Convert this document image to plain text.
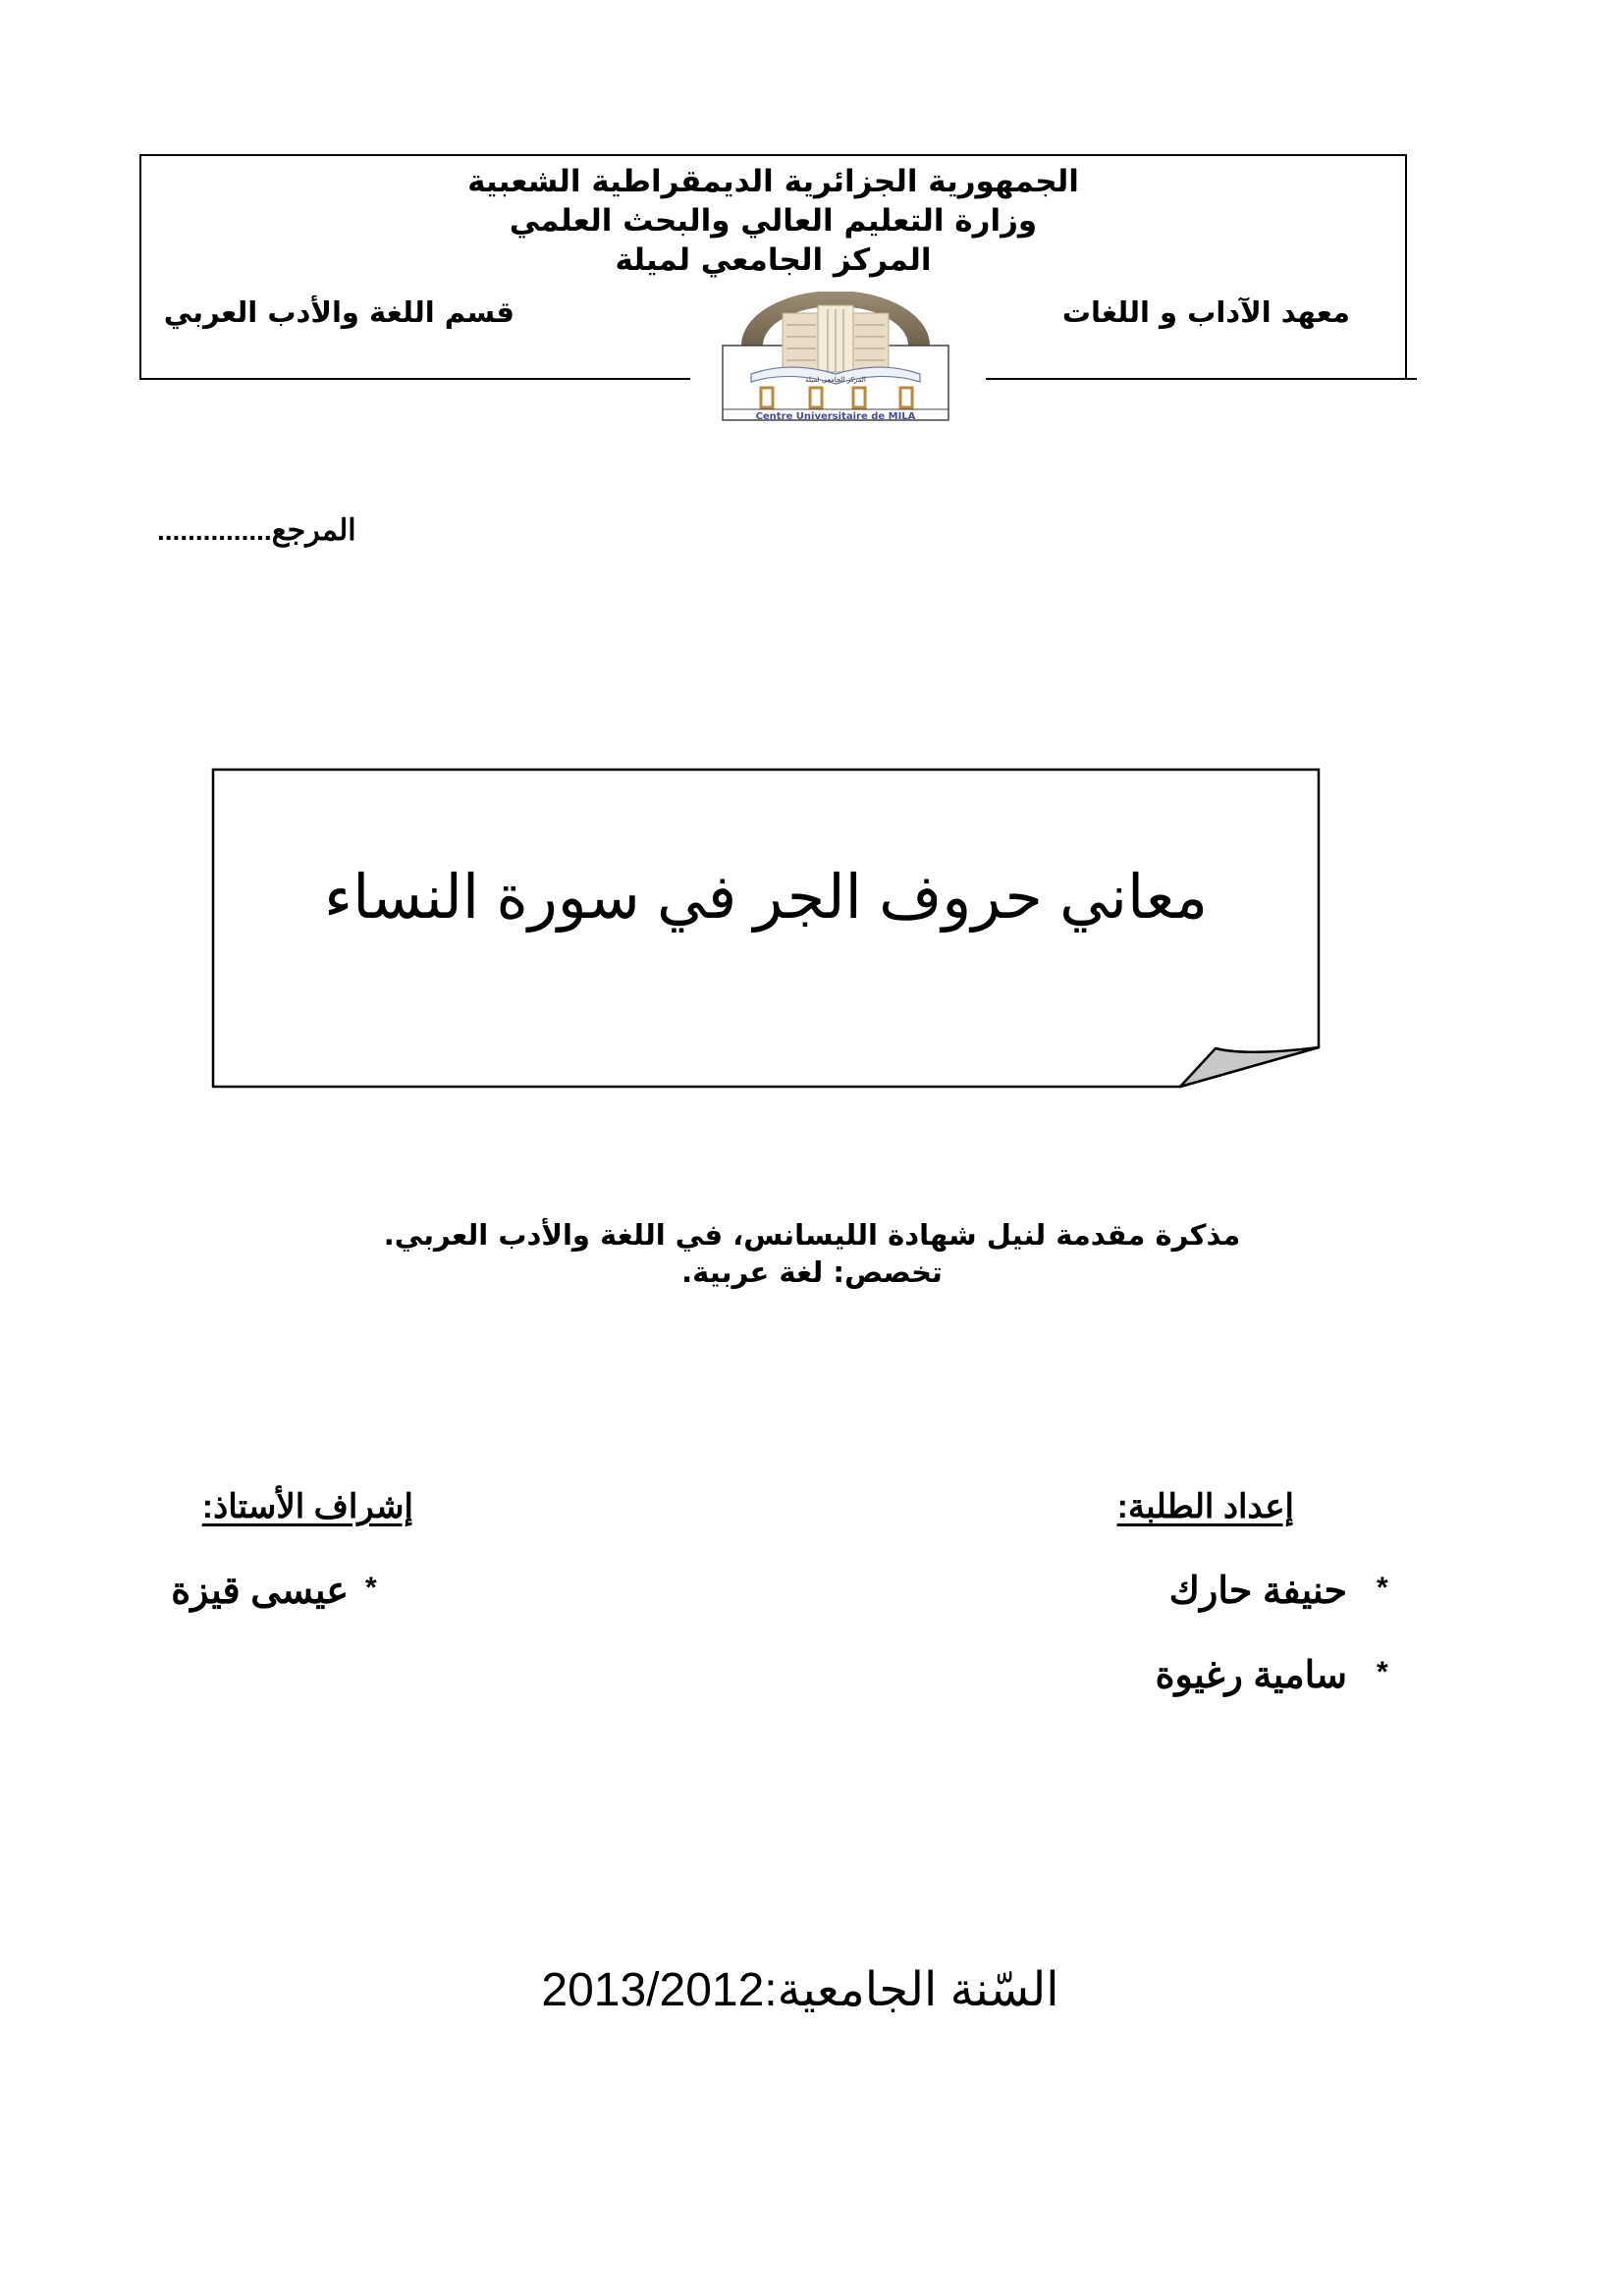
الجمهورية الجزائرية الديمقراطية الشعبية
وزارة التعليم العالي والبحث العلمي
المركز الجامعي لميلة
معهد الآداب و اللغات
قسم اللغة والأدب العربي
المركز الجامعي لميلة
Centre Universitaire de MILA
...............المرجع
معاني حروف الجر في سورة النساء
مذكرة مقدمة لنيل شهادة الليسانس، في اللغة والأدب العربي.
تخصص: لغة عربية.
إعداد الطلبة:
*
حنيفة حارك
*
سامية رغيوة
إشراف الأستاذ:
*
عيسى قيزة
السّنة الجامعية:2013/2012
